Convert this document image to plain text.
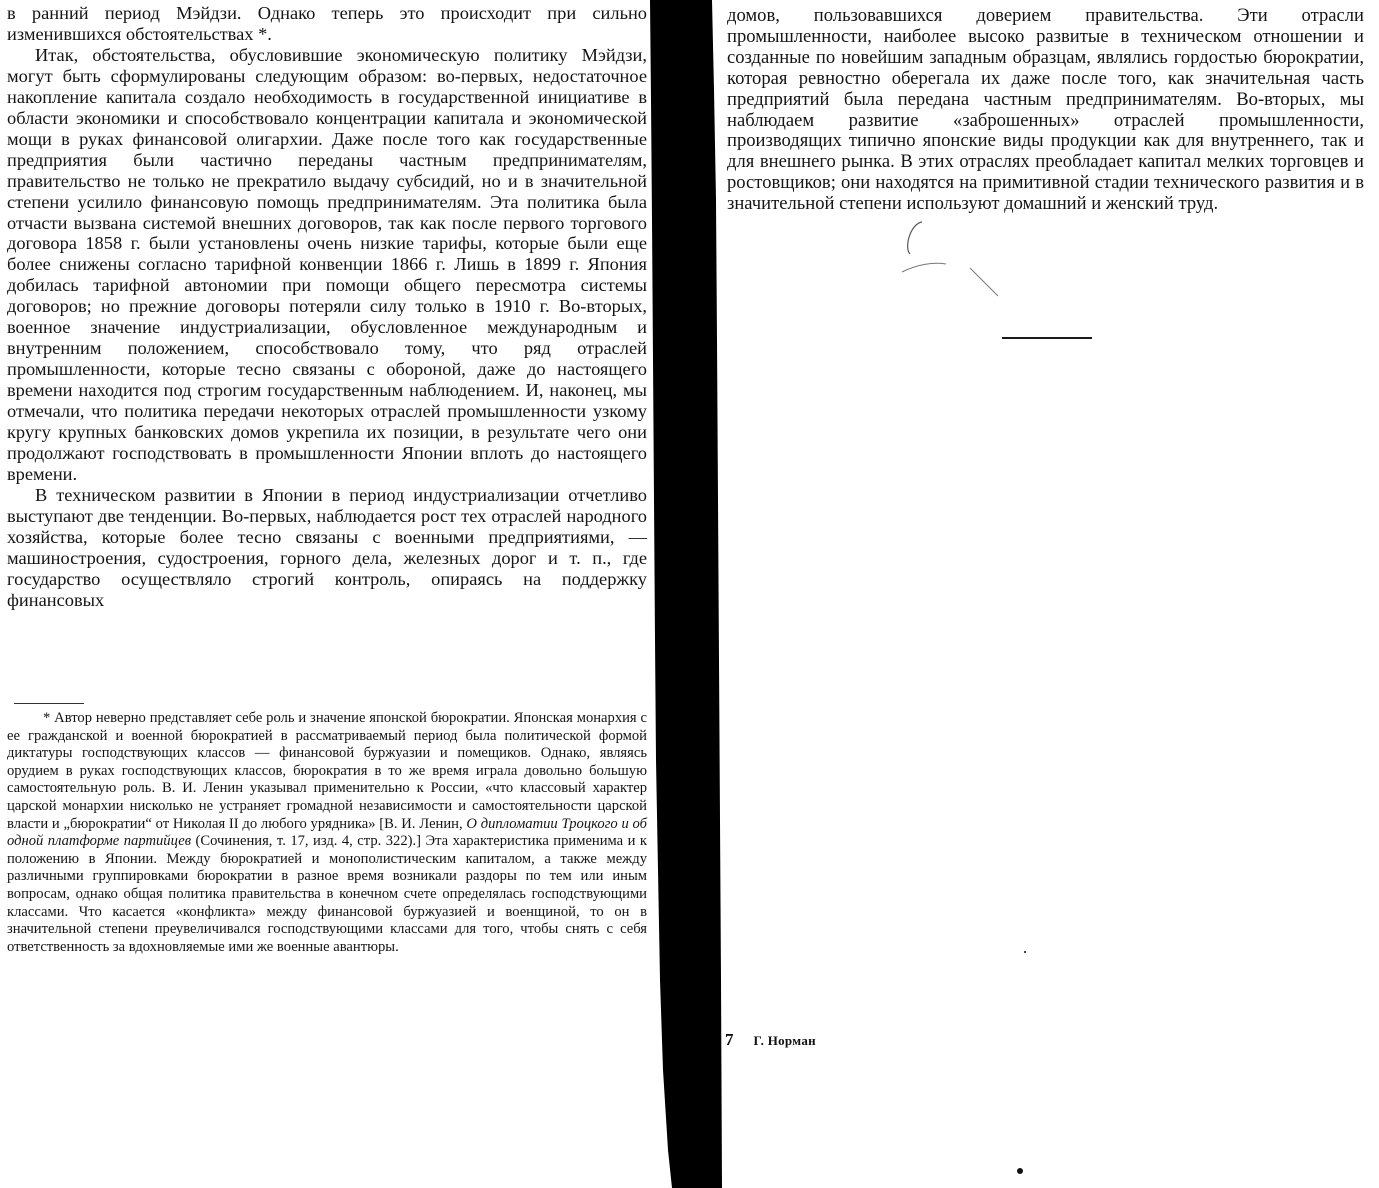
в ранний период Мэйдзи. Однако теперь это происходит при сильно изменившихся обстоятельствах *.

Итак, обстоятельства, обусловившие экономическую политику Мэйдзи, могут быть сформулированы следующим образом: во-первых, недостаточное накопление капитала создало необходимость в государственной инициативе в области экономики и способствовало концентрации капитала и экономической мощи в руках финансовой олигархии. Даже после того как государственные предприятия были частично переданы частным предпринимателям, правительство не только не прекратило выдачу субсидий, но и в значительной степени усилило финансовую помощь предпринимателям. Эта политика была отчасти вызвана системой внешних договоров, так как после первого торгового договора 1858 г. были установлены очень низкие тарифы, которые были еще более снижены согласно тарифной конвенции 1866 г. Лишь в 1899 г. Япония добилась тарифной автономии при помощи общего пересмотра системы договоров; но прежние договоры потеряли силу только в 1910 г. Во-вторых, военное значение индустриализации, обусловленное международным и внутренним положением, способствовало тому, что ряд отраслей промышленности, которые тесно связаны с обороной, даже до настоящего времени находится под строгим государственным наблюдением. И, наконец, мы отмечали, что политика передачи некоторых отраслей промышленности узкому кругу крупных банковских домов укрепила их позиции, в результате чего они продолжают господствовать в промышленности Японии вплоть до настоящего времени.

В техническом развитии в Японии в период индустриализации отчетливо выступают две тенденции. Во-первых, наблюдается рост тех отраслей народного хозяйства, которые более тесно связаны с военными предприятиями, — машиностроения, судостроения, горного дела, железных дорог и т. п., где государство осуществляло строгий контроль, опираясь на поддержку финансовых

* Автор неверно представляет себе роль и значение японской бюрократии. Японская монархия с ее гражданской и военной бюрократией в рассматриваемый период была политической формой диктатуры господствующих классов — финансовой буржуазии и помещиков. Однако, являясь орудием в руках господствующих классов, бюрократия в то же время играла довольно большую самостоятельную роль. В. И. Ленин указывал применительно к России, «что классовый характер царской монархии нисколько не устраняет громадной независимости и самостоятельности царской власти и „бюрократии“ от Николая II до любого урядника» [В. И. Ленин, О дипломатии Троцкого и об одной платформе партийцев (Сочинения, т. 17, изд. 4, стр. 322).] Эта характеристика применима и к положению в Японии. Между бюрократией и монополистическим капиталом, а также между различными группировками бюрократии в разное время возникали раздоры по тем или иным вопросам, однако общая политика правительства в конечном счете определялась господствующими классами. Что касается «конфликта» между финансовой буржуазией и военщиной, то он в значительной степени преувеличивался господствующими классами для того, чтобы снять с себя ответственность за вдохновляемые ими же военные авантюры.

домов, пользовавшихся доверием правительства. Эти отрасли промышленности, наиболее высоко развитые в техническом отношении и созданные по новейшим западным образцам, являлись гордостью бюрократии, которая ревностно оберегала их даже после того, как значительная часть предприятий была передана частным предпринимателям. Во-вторых, мы наблюдаем развитие «заброшенных» отраслей промышленности, производящих типично японские виды продукции как для внутреннего, так и для внешнего рынка. В этих отраслях преобладает капитал мелких торговцев и ростовщиков; они находятся на примитивной стадии технического развития и в значительной степени используют домашний и женский труд.

7 Г. Норман
